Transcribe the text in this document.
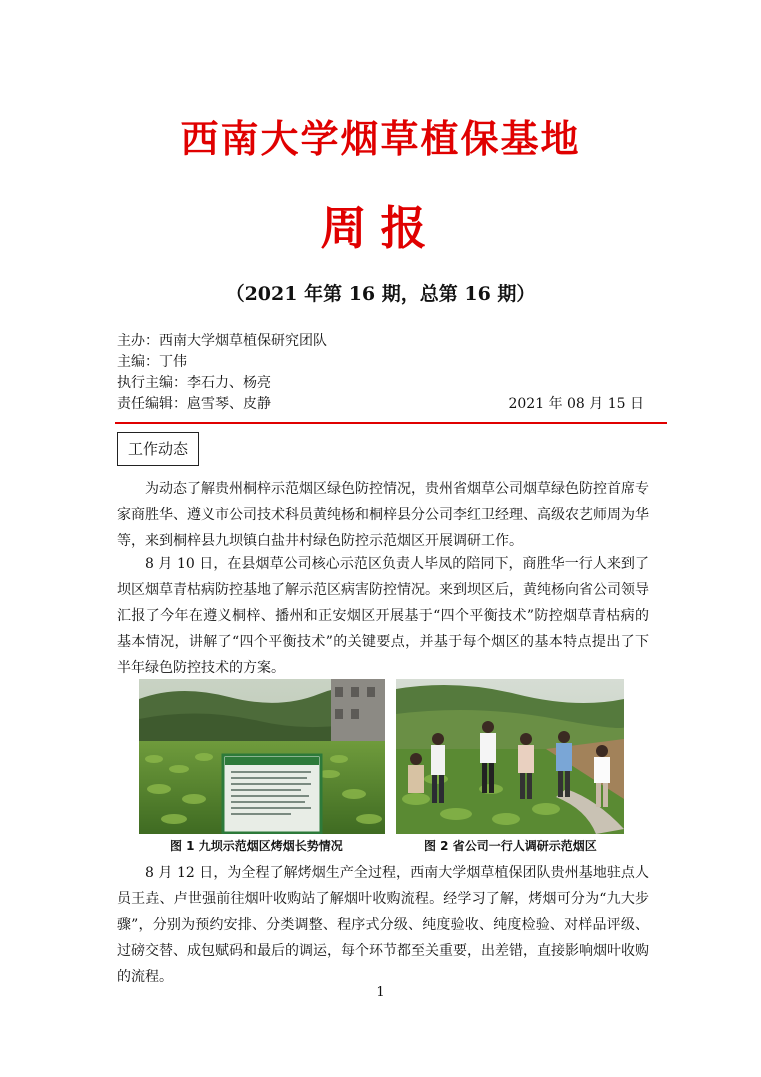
西南大学烟草植保基地
周报
（2021 年第 16 期，总第 16 期）
主办：西南大学烟草植保研究团队
主编：丁伟
执行主编：李石力、杨亮
责任编辑：扈雪琴、皮静	2021 年 08 月 15 日
工作动态

为动态了解贵州桐梓示范烟区绿色防控情况，贵州省烟草公司烟草绿色防控首席专家商胜华、遵义市公司技术科员黄纯杨和桐梓县分公司李红卫经理、高级农艺师周为华等，来到桐梓县九坝镇白盐井村绿色防控示范烟区开展调研工作。

8 月 10 日，在县烟草公司核心示范区负责人毕凤的陪同下，商胜华一行人来到了坝区烟草青枯病防控基地了解示范区病害防控情况。来到坝区后，黄纯杨向省公司领导汇报了今年在遵义桐梓、播州和正安烟区开展基于“四个平衡技术”防控烟草青枯病的基本情况，讲解了“四个平衡技术”的关键要点，并基于每个烟区的基本特点提出了下半年绿色防控技术的方案。

图 1 九坝示范烟区烤烟长势情况	图 2 省公司一行人调研示范烟区

8 月 12 日，为全程了解烤烟生产全过程，西南大学烟草植保团队贵州基地驻点人员王垚、卢世强前往烟叶收购站了解烟叶收购流程。经学习了解，烤烟可分为“九大步骤”，分别为预约安排、分类调整、程序式分级、纯度验收、纯度检验、对样品评级、过磅交替、成包赋码和最后的调运，每个环节都至关重要，出差错，直接影响烟叶收购的流程。

1
